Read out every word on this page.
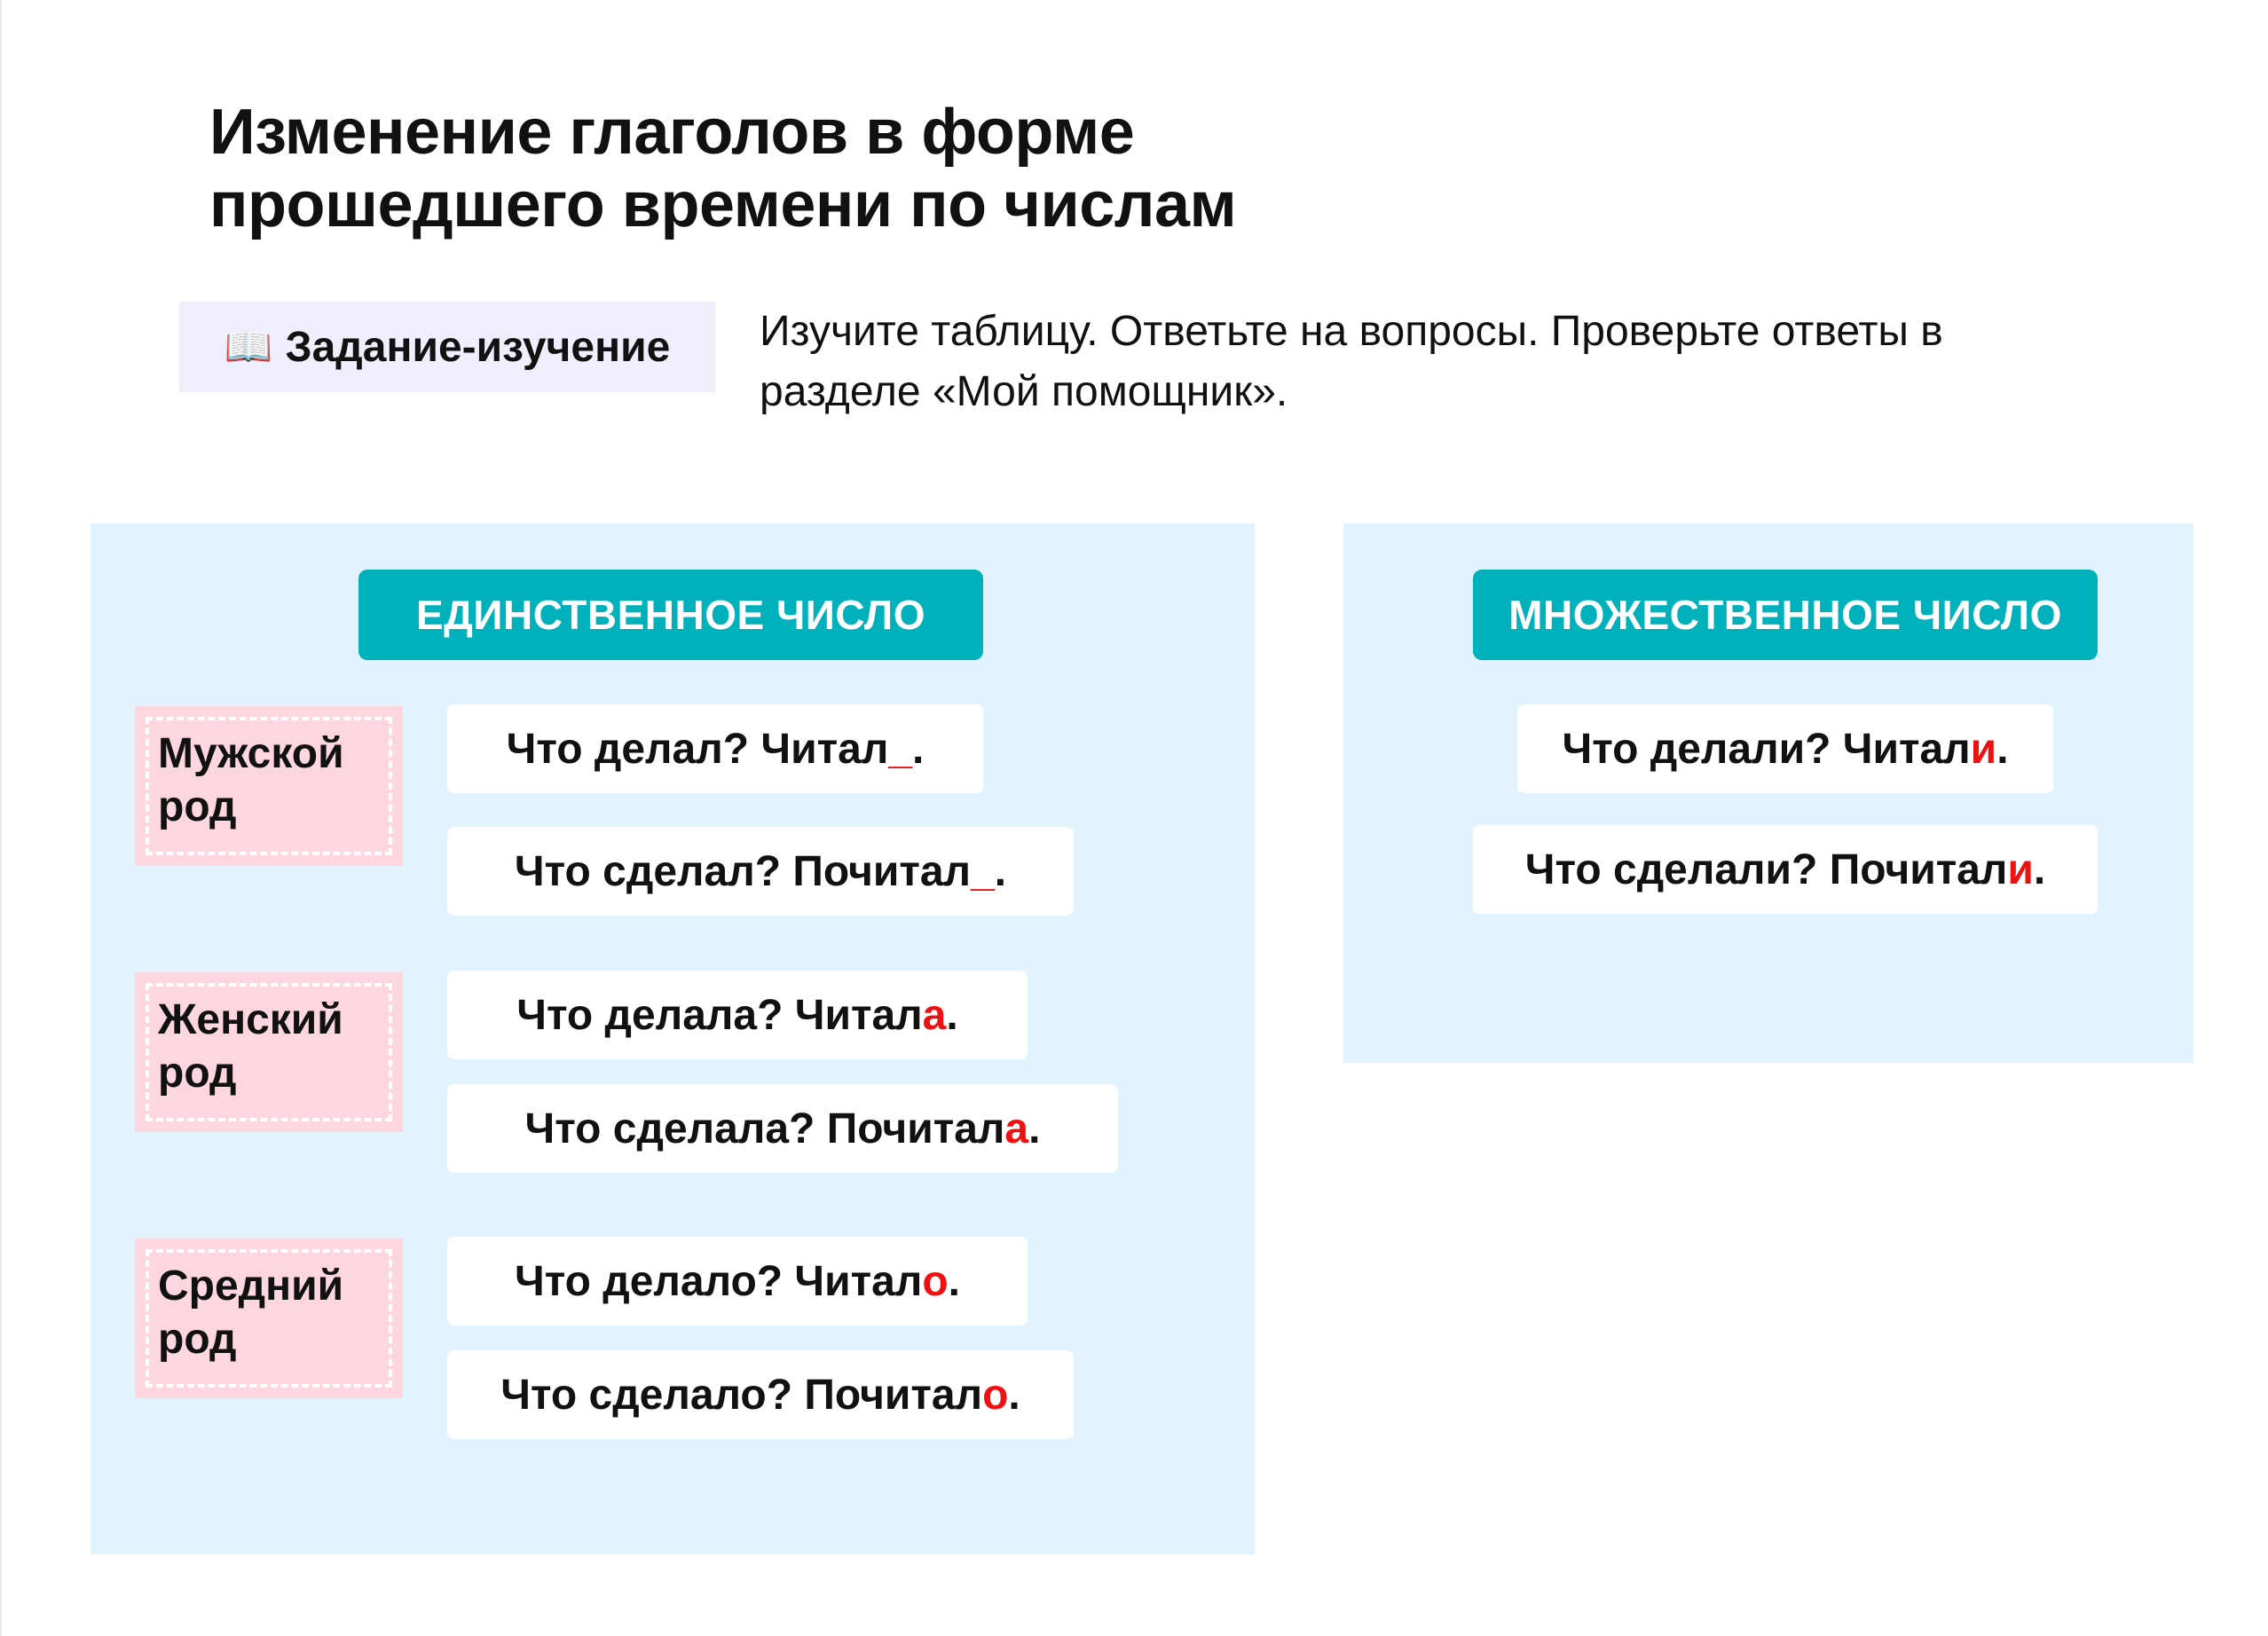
Изменение глаголов в форме прошедшего времени по числам
📖 Задание-изучение Изучите таблицу. Ответьте на вопросы. Проверьте ответы в разделе «Мой помощник».

ЕДИНСТВЕННОЕ ЧИСЛО
Мужской род
Что делал? Читал _ .
Что сделал? Почитал _ .
Женский род
Что делала? Читал а .
Что сделала? Почитал а .
Средний род
Что делало? Читал о .
Что сделало? Почитал о .
МНОЖЕСТВЕННОЕ ЧИСЛО
Что делали? Читал и .
Что сделали? Почитал и .
